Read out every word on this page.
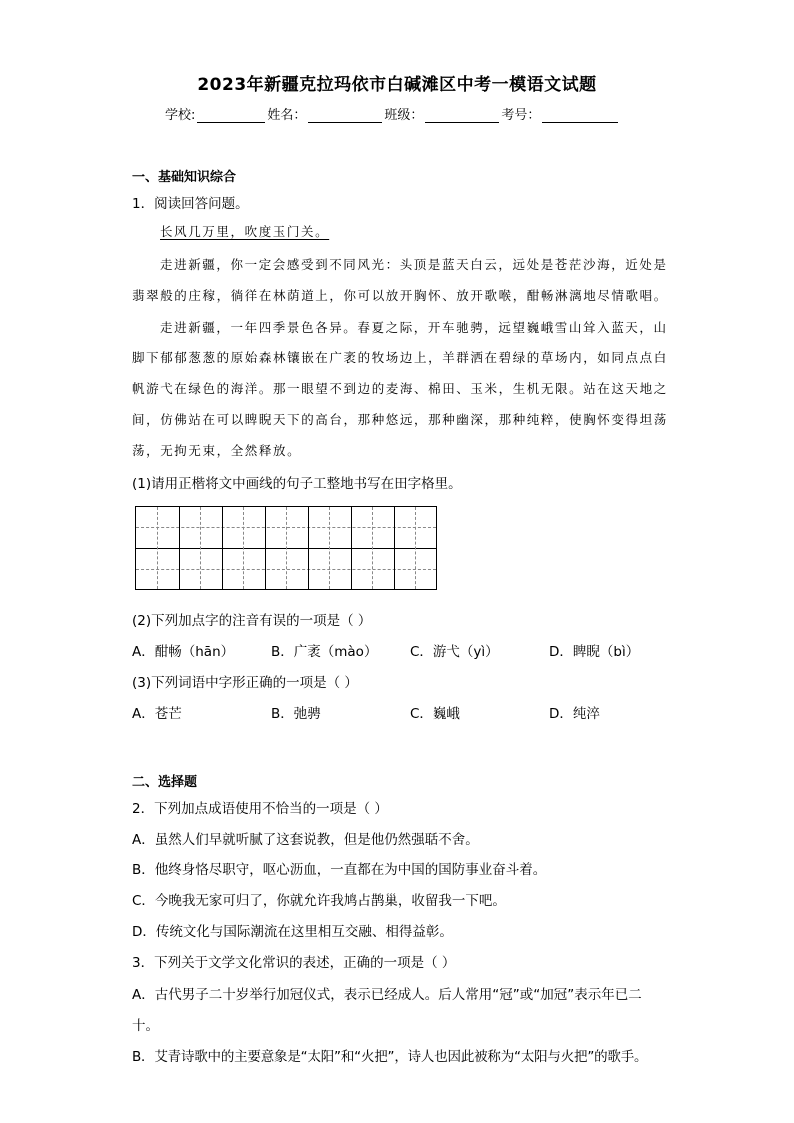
2023年新疆克拉玛依市白碱滩区中考一模语文试题
学校:	姓名：	班级：	考号：
一、基础知识综合
1．阅读回答问题。
长风几万里，吹度玉门关。
走进新疆，你一定会感受到不同风光：头顶是蓝天白云，远处是苍茫沙海，近处是
翡翠般的庄稼，徜徉在林荫道上，你可以放开胸怀、放开歌喉，酣畅淋漓地尽情歌唱。
走进新疆，一年四季景色各异。春夏之际，开车驰骋，远望巍峨雪山耸入蓝天，山
脚下郁郁葱葱的原始森林镶嵌在广袤的牧场边上，羊群洒在碧绿的草场内，如同点点白
帆游弋在绿色的海洋。那一眼望不到边的麦海、棉田、玉米，生机无限。站在这天地之
间，仿佛站在可以睥睨天下的高台，那种悠远，那种幽深，那种纯粹，使胸怀变得坦荡
荡，无拘无束，全然释放。
(1)请用正楷将文中画线的句子工整地书写在田字格里。
(2)下列加点字的注音有误的一项是（ ）
A．酣畅（hān）	B．广袤（mào） C．游弋（yì）	D．睥睨（bì）
(3)下列词语中字形正确的一项是（ ）
A．苍芒	B．弛骋	C．巍峨	D．纯淬
二、选择题
2．下列加点成语使用不恰当的一项是（ ）
A．虽然人们早就听腻了这套说教，但是他仍然强聒不舍。
B．他终身恪尽职守，呕心沥血，一直都在为中国的国防事业奋斗着。
C．今晚我无家可归了，你就允许我鸠占鹊巢，收留我一下吧。
D．传统文化与国际潮流在这里相互交融、相得益彰。
3．下列关于文学文化常识的表述，正确的一项是（ ）
A．古代男子二十岁举行加冠仪式，表示已经成人。后人常用“冠”或“加冠”表示年已二
十。
B．艾青诗歌中的主要意象是“太阳”和“火把”，诗人也因此被称为“太阳与火把”的歌手。
